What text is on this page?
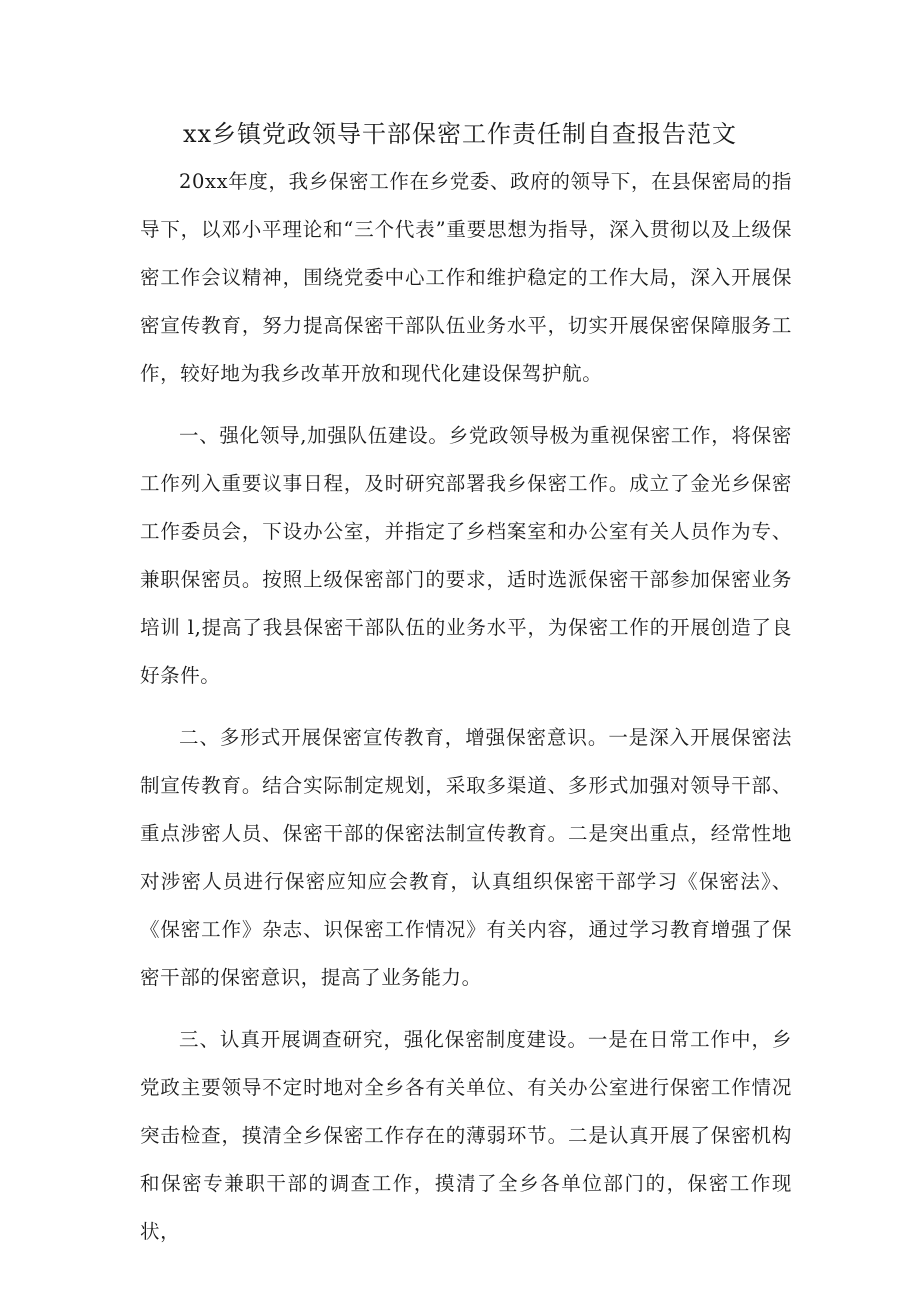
xx乡镇党政领导干部保密工作责任制自查报告范文

20xx年度，我乡保密工作在乡党委、政府的领导下，在县保密局的指导下，以邓小平理论和“三个代表”重要思想为指导，深入贯彻以及上级保密工作会议精神，围绕党委中心工作和维护稳定的工作大局，深入开展保密宣传教育，努力提高保密干部队伍业务水平，切实开展保密保障服务工作，较好地为我乡改革开放和现代化建设保驾护航。

一、强化领导,加强队伍建设。乡党政领导极为重视保密工作，将保密工作列入重要议事日程，及时研究部署我乡保密工作。成立了金光乡保密工作委员会，下设办公室，并指定了乡档案室和办公室有关人员作为专、兼职保密员。按照上级保密部门的要求，适时选派保密干部参加保密业务培训 l,提高了我县保密干部队伍的业务水平，为保密工作的开展创造了良好条件。

二、多形式开展保密宣传教育，增强保密意识。一是深入开展保密法制宣传教育。结合实际制定规划，采取多渠道、多形式加强对领导干部、重点涉密人员、保密干部的保密法制宣传教育。二是突出重点，经常性地对涉密人员进行保密应知应会教育，认真组织保密干部学习《保密法》、《保密工作》杂志、识保密工作情况》有关内容，通过学习教育增强了保密干部的保密意识，提高了业务能力。

三、认真开展调查研究，强化保密制度建设。一是在日常工作中，乡党政主要领导不定时地对全乡各有关单位、有关办公室进行保密工作情况突击检查，摸清全乡保密工作存在的薄弱环节。二是认真开展了保密机构和保密专兼职干部的调查工作，摸清了全乡各单位部门的，保密工作现状，
